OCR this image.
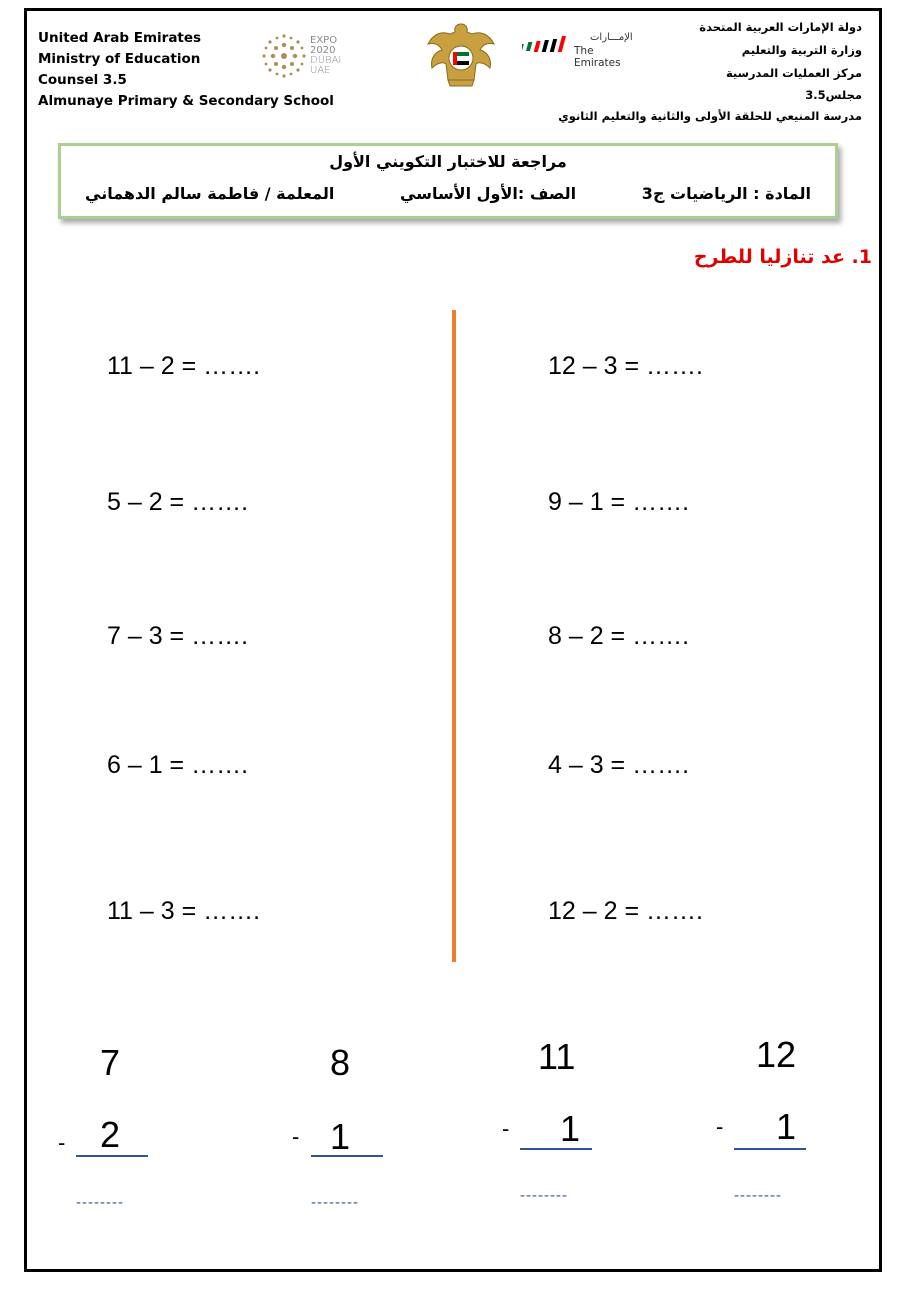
United Arab Emirates
Ministry of Education
Counsel 3.5
Almunaye Primary & Secondary School
EXPO
2020
DUBAI
UAE
الإمـــارات
The Emirates
دولة الإمارات العربية المتحدة
وزارة التربية والتعليم
مركز العمليات المدرسية
مجلس3.5
مدرسة المنيعي للحلقة الأولى والثانية والتعليم الثانوي
مراجعة للاختبار التكويني الأول
المادة : الرياضيات ج3
الصف :الأول الأساسي
المعلمة / فاطمة سالم الدهماني
1. عد تنازليا للطرح
11 – 2 = …….
5 – 2 = …….
7 – 3 = …….
6 – 1 = …….
11 – 3 = …….
12 – 3 = …….
9 – 1 = …….
8 – 2 = …….
4 – 3 = …….
12 – 2 = …….
7
- 2
--------
8
- 1
--------
11
- 1
--------
12
- 1
--------
